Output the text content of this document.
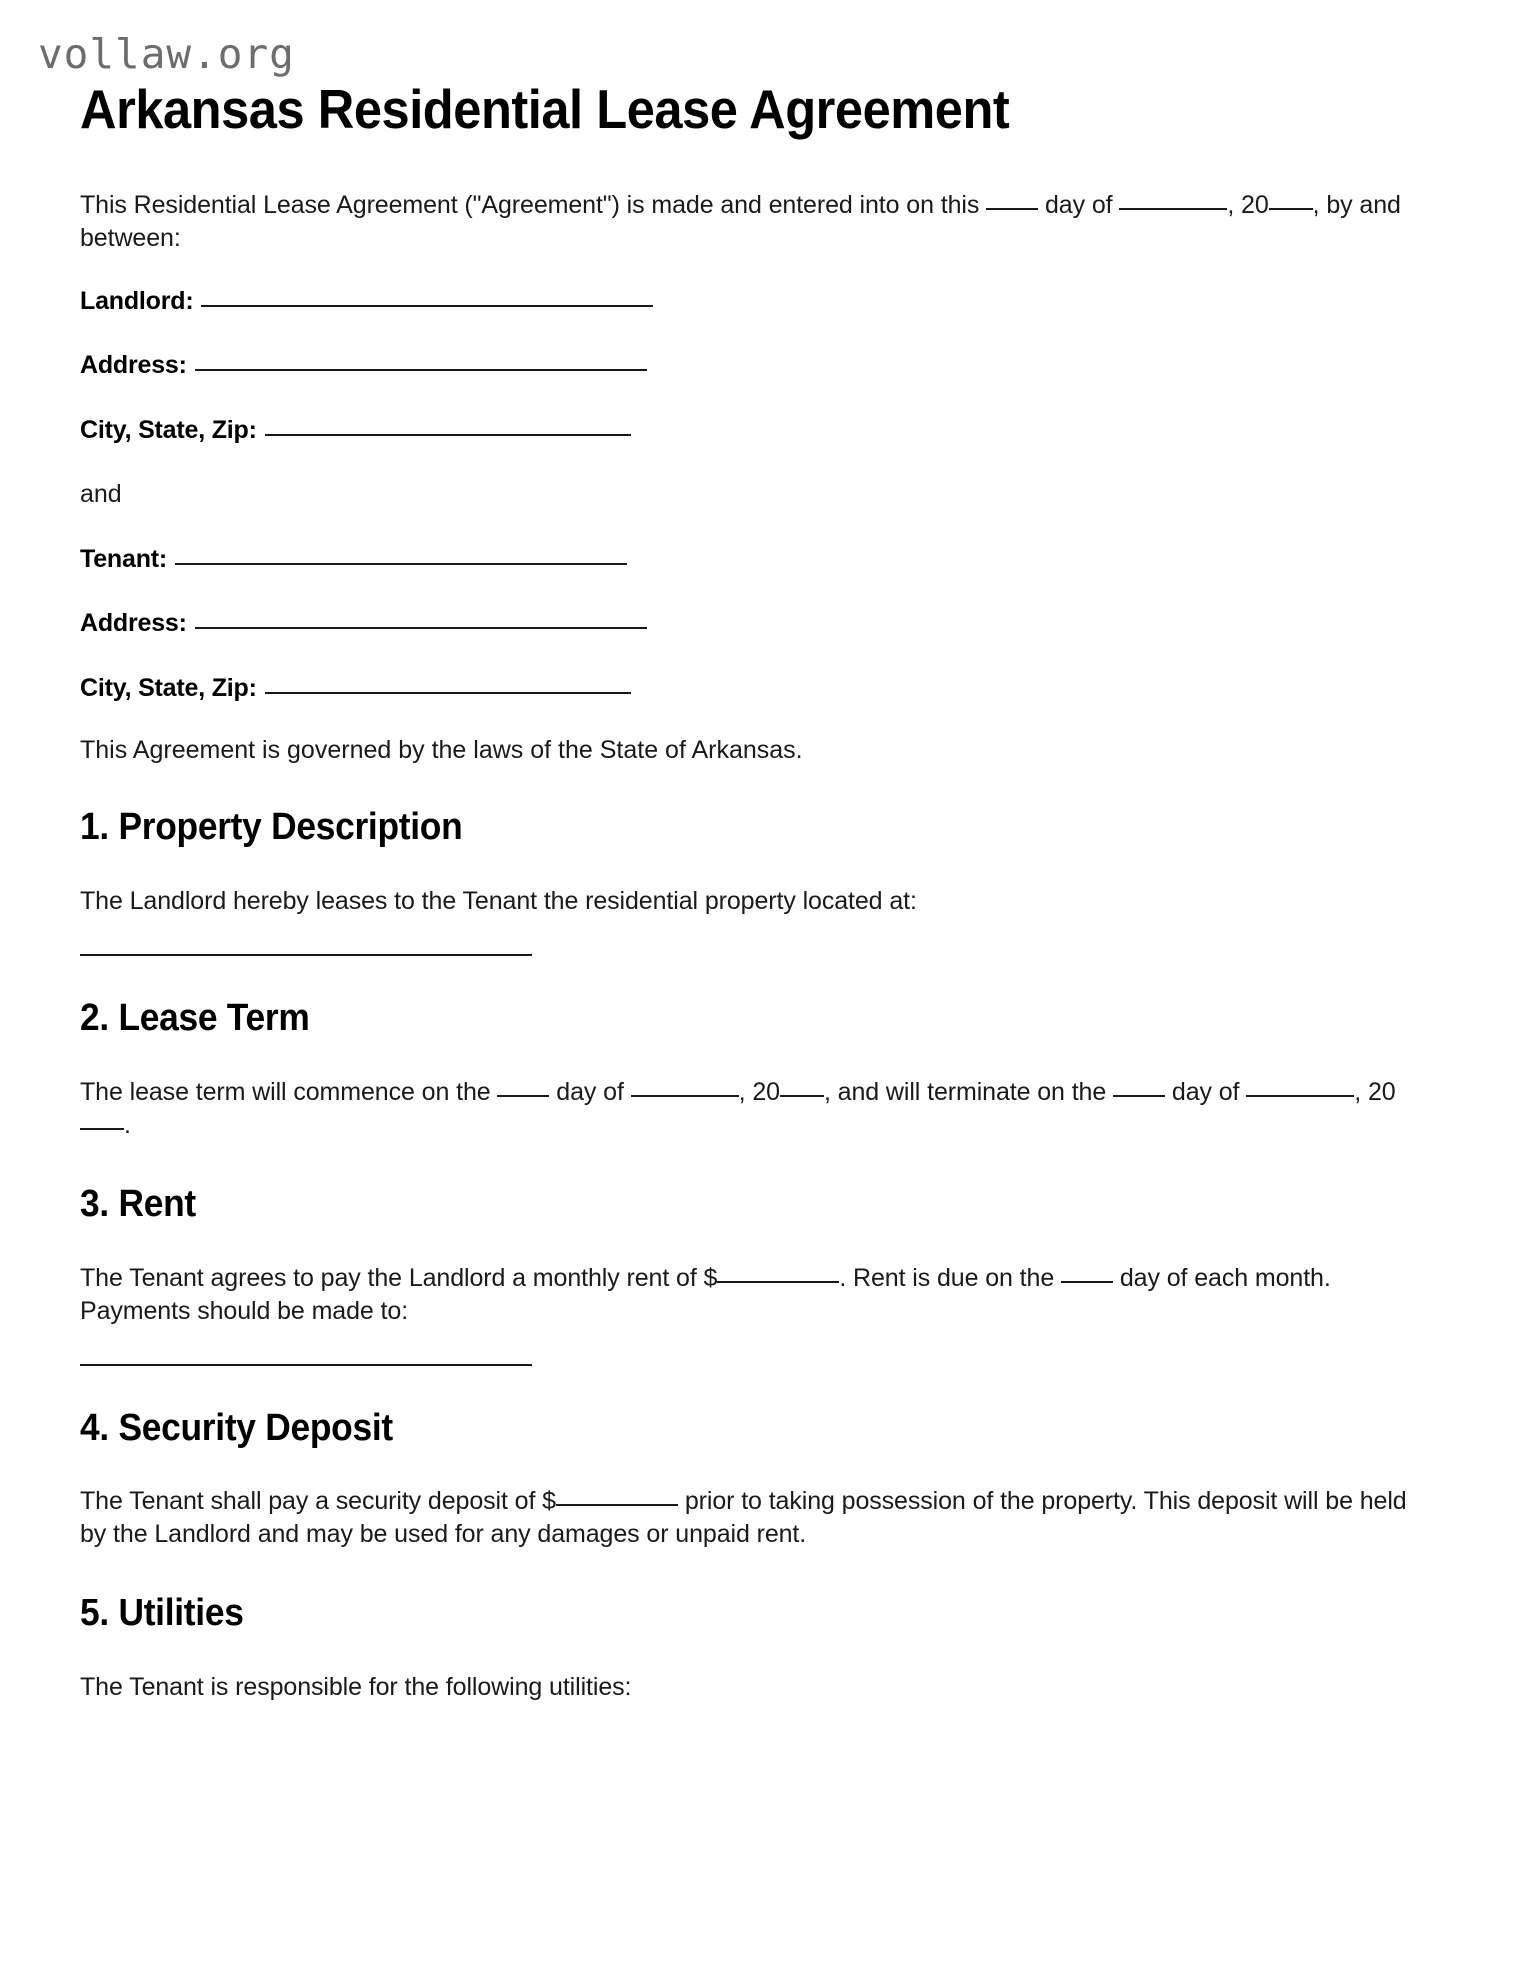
vollaw.org
Arkansas Residential Lease Agreement

This Residential Lease Agreement ("Agreement") is made and entered into on this	day of	, 20 , by and between:

Landlord:
Address:
City, State, Zip:
and
Tenant:
Address:
City, State, Zip:

This Agreement is governed by the laws of the State of Arkansas.

1. Property Description

The Landlord hereby leases to the Tenant the residential property located at:

2. Lease Term

The lease term will commence on the	day of	, 20 , and will terminate on the	day of	, 20.

3. Rent

The Tenant agrees to pay the Landlord a monthly rent of $	. Rent is due on the	day of each month. Payments should be made to:

4. Security Deposit

The Tenant shall pay a security deposit of $	prior to taking possession of the property. This deposit will be held by the Landlord and may be used for any damages or unpaid rent.

5. Utilities

The Tenant is responsible for the following utilities:
